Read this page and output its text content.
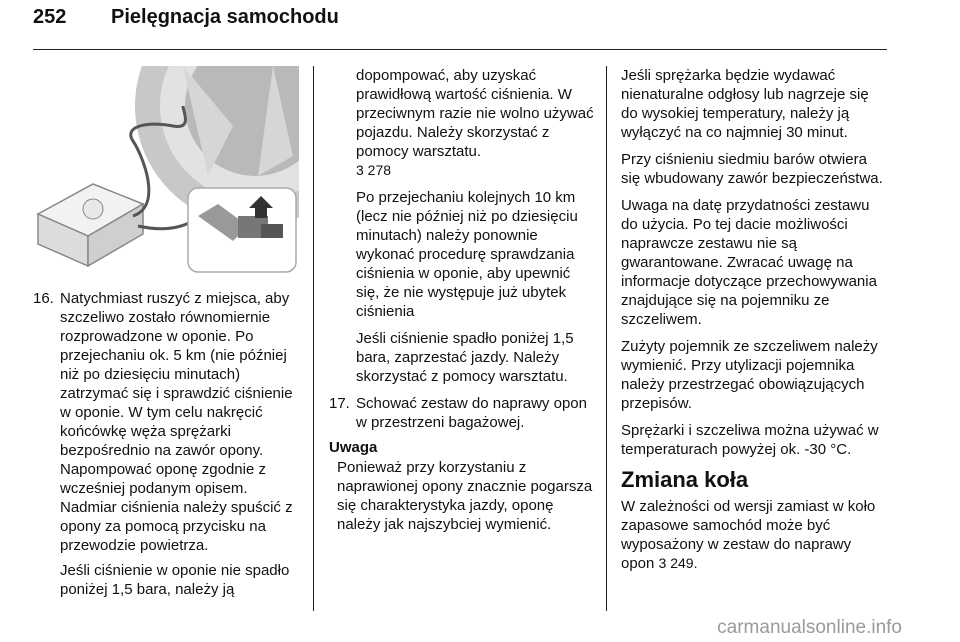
252 Pielęgnacja samochodu
16. Natychmiast ruszyć z miejsca, aby szczeliwo zostało równomiernie rozprowadzone w oponie. Po przejechaniu ok. 5 km (nie później niż po dziesięciu minutach) zatrzymać się i sprawdzić ciśnienie w oponie. W tym celu nakręcić końcówkę węża sprężarki bezpośrednio na zawór opony. Napompować oponę zgodnie z wcześniej podanym opisem. Nadmiar ciśnienia należy spuścić z opony za pomocą przycisku na przewodzie powietrza.

Jeśli ciśnienie w oponie nie spadło poniżej 1,5 bara, należy ją

dopompować, aby uzyskać prawidłową wartość ciśnienia. W przeciwnym razie nie wolno używać pojazdu. Należy skorzystać z pomocy warsztatu.
3 278

Po przejechaniu kolejnych 10 km (lecz nie później niż po dziesięciu minutach) należy ponownie wykonać procedurę sprawdzania ciśnienia w oponie, aby upewnić się, że nie występuje już ubytek ciśnienia

Jeśli ciśnienie spadło poniżej 1,5 bara, zaprzestać jazdy. Należy skorzystać z pomocy warsztatu.

17. Schować zestaw do naprawy opon w przestrzeni bagażowej.

Uwaga

Ponieważ przy korzystaniu z naprawionej opony znacznie pogarsza się charakterystyka jazdy, oponę należy jak najszybciej wymienić.

Jeśli sprężarka będzie wydawać nienaturalne odgłosy lub nagrzeje się do wysokiej temperatury, należy ją wyłączyć na co najmniej 30 minut.

Przy ciśnieniu siedmiu barów otwiera się wbudowany zawór bezpieczeństwa.

Uwaga na datę przydatności zestawu do użycia. Po tej dacie możliwości naprawcze zestawu nie są gwarantowane. Zwracać uwagę na informacje dotyczące przechowywania znajdujące się na pojemniku ze szczeliwem.

Zużyty pojemnik ze szczeliwem należy wymienić. Przy utylizacji pojemnika należy przestrzegać obowiązujących przepisów.

Sprężarki i szczeliwa można używać w temperaturach powyżej ok. -30 °C.

Zmiana koła

W zależności od wersji zamiast w koło zapasowe samochód może być wyposażony w zestaw do naprawy opon 3 249.

carmanualsonline.info
